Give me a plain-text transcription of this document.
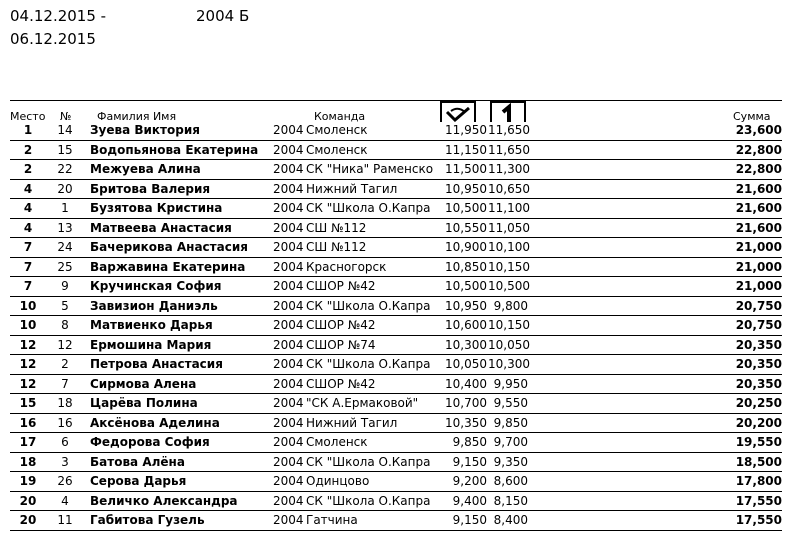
04.12.2015 -
06.12.2015
2004 Б
Место № Фамилия Имя	Команда	Сумма
1	14	Зуева Виктория	2004 Смоленск	11,950 11,650	23,600
2	15	Водопьянова Екатерина 2004 Смоленск	11,150 11,650	22,800
2	22	Межуева Алина	2004 СК "Ника" Раменско 11,500 11,300	22,800
4	20	Бритова Валерия	2004 Нижний Тагил	10,950 10,650	21,600
4	1	Бузятова Кристина	2004 СК "Школа О.Капра	10,500 11,100	21,600
4	13	Матвеева Анастасия	2004 СШ №112	10,550 11,050	21,600
7	24	Бачерикова Анастасия 2004 СШ №112	10,900 10,100	21,000
7	25	Варжавина Екатерина 2004 Красногорск	10,850 10,150	21,000
7	9	Кручинская София	2004 СШОР №42	10,500 10,500	21,000
10	5	Завизион Даниэль	2004 СК "Школа О.Капра	10,950 9,800	20,750
10	8	Матвиенко Дарья	2004 СШОР №42	10,600 10,150	20,750
12	12	Ермошина Мария	2004 СШОР №74	10,300 10,050	20,350
12	2	Петрова Анастасия	2004 СК "Школа О.Капра	10,050 10,300	20,350
12	7	Сирмова Алена	2004 СШОР №42	10,400 9,950	20,350
15	18	Царёва Полина	2004 "СК А.Ермаковой"	10,700 9,550	20,250
16	16	Аксёнова Аделина	2004 Нижний Тагил	10,350 9,850	20,200
17	6	Федорова София	2004 Смоленск	9,850 9,700	19,550
18	3	Батова Алёна	2004 СК "Школа О.Капра	9,150 9,350	18,500
19	26	Серова Дарья	2004 Одинцово	9,200 8,600	17,800
20	4	Величко Александра	2004 СК "Школа О.Капра	9,400 8,150	17,550
20	11	Габитова Гузель	2004 Гатчина	9,150 8,400	17,550
